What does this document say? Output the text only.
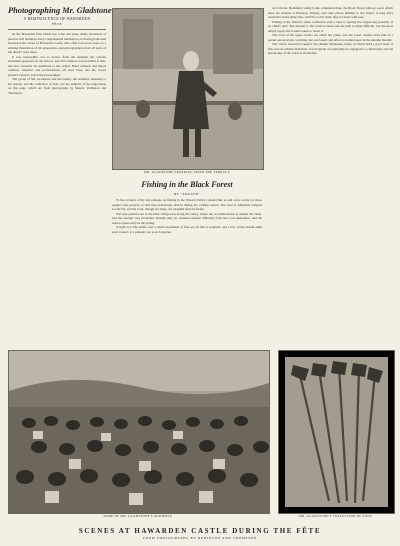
Photographing Mr. Gladstone
A REMINISCENCE OF HAWARDEN
FÊTE

At the Hawarden Fête which has come and gone, many thousands of persons will doubtless have congratulated themselves on having both seen and heard the owner of Hawarden Castle, who, after four-score years, is a striking illustration of his generation, and photographers from all parts of the district were there.

It was impossible, not to notice, from the moment the veteran statesman appeared on the terrace, how the cameras were levelled at him, and how patiently he submitted to the ordeal. Hand cameras and tripod cameras, amateurs and professionals, all were busy, and the crowd pressed round to watch the proceedings.

The group of Mr. Gladstone and his family, the audience listening to his speech, and his collection of axes, are the subjects of the engravings on this page, which are from photographs by Messrs. Robinson and Thompson.

MR. GLADSTONE SPEAKING FROM THE TERRACE
Fishing in the Black Forest
BY "ANGLER"

To the revision of my last remarks on fishing in the Wutach Valley I should like to add a few words for those anglers who propose to visit that picturesque district during the coming season. The river is admirably adapted for the fly, and the trout, though not large, are plentiful and rise freely.

The best quarters are at the little village inns along the valley, where the accommodation is simple but clean, and the charges very moderate. Permits may be obtained without difficulty from the local authorities, and the season opens early in the spring.

A light rod, fine tackle, and a small assortment of flies are all that is required, and a day on the stream amid such scenery is a pleasure not soon forgotten.

on from the Hollenthal valley is the companion line, the Black Forest railway, upon which there are stations at Hausach, Triberg, and other places familiar to the visitor. A long day's excursion along either line, with the rod in hand, may be made with ease.

Fishing in the Wutach, when conducted with a view to getting the largest bag possible, is no child's play. The descent to the water is steep and the path at times difficult, but the sport amply repays the trouble taken to reach it.

The trout of the upper waters are small but game, and the lower reaches hold fish of a pound and upwards. Grayling also are found, and afford excellent sport in the autumn months.

The visitor should not neglect the smaller tributaries, many of which hold a good head of fish and are seldom disturbed. A local guide can generally be engaged for a small sum, and his knowledge of the water is invaluable.

SOME OF MR. GLADSTONE'S AUDIENCE	MR. GLADSTONE'S COLLECTION OF AXES
SCENES AT HAWARDEN CASTLE DURING THE FÊTE
FROM PHOTOGRAPHS BY ROBINSON AND THOMPSON
